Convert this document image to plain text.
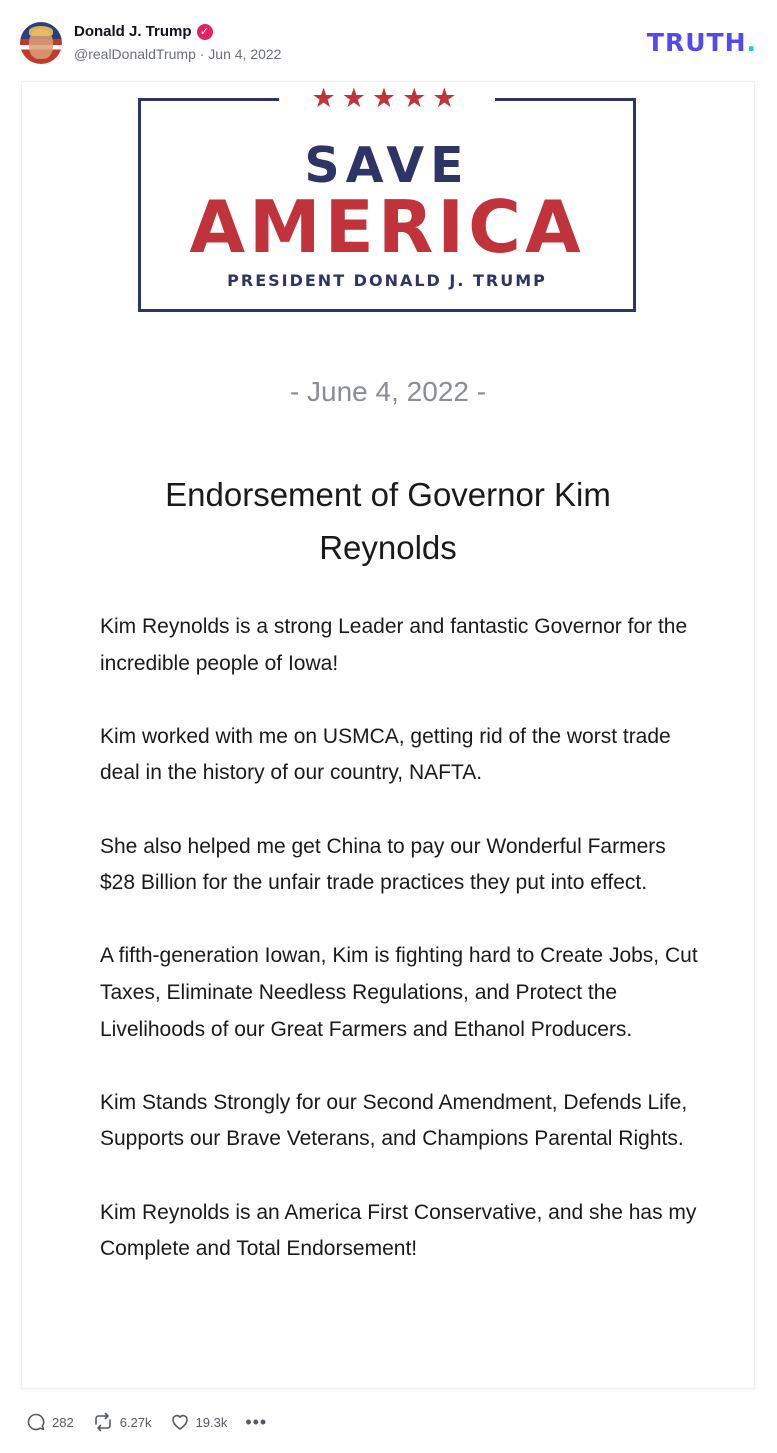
Donald J. Trump ✓
@realDonaldTrump · Jun 4, 2022	TRUTH.
★★★★★
SAVE
AMERICA
PRESIDENT DONALD J. TRUMP
- June 4, 2022 -
Endorsement of Governor Kim Reynolds

Kim Reynolds is a strong Leader and fantastic Governor for the incredible people of Iowa!

Kim worked with me on USMCA, getting rid of the worst trade deal in the history of our country, NAFTA.

She also helped me get China to pay our Wonderful Farmers $28 Billion for the unfair trade practices they put into effect.

A fifth-generation Iowan, Kim is fighting hard to Create Jobs, Cut Taxes, Eliminate Needless Regulations, and Protect the Livelihoods of our Great Farmers and Ethanol Producers.

Kim Stands Strongly for our Second Amendment, Defends Life, Supports our Brave Veterans, and Champions Parental Rights.

Kim Reynolds is an America First Conservative, and she has my Complete and Total Endorsement!

282	6.27k	19.3k •••
